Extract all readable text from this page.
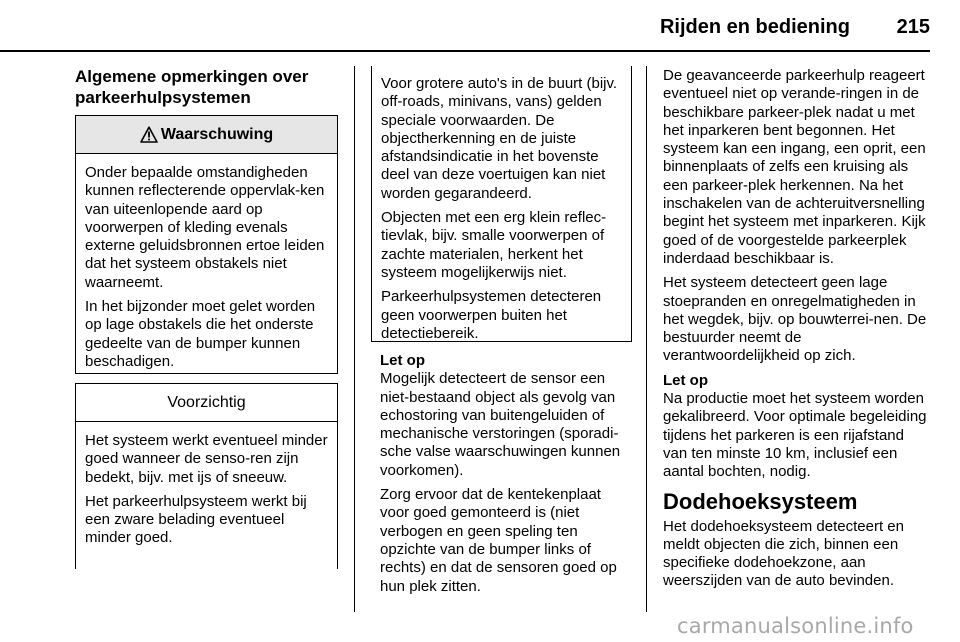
Rijden en bediening	215
Algemene opmerkingen over parkeerhulpsystemen
Waarschuwing

Onder bepaalde omstandigheden kunnen reflecterende oppervlak-ken van uiteenlopende aard op voorwerpen of kleding evenals externe geluidsbronnen ertoe leiden dat het systeem obstakels niet waarneemt.

In het bijzonder moet gelet worden op lage obstakels die het onderste gedeelte van de bumper kunnen beschadigen.

Voorzichtig

Het systeem werkt eventueel minder goed wanneer de senso-ren zijn bedekt, bijv. met ijs of sneeuw.

Het parkeerhulpsysteem werkt bij een zware belading eventueel minder goed.

Voor grotere auto's in de buurt (bijv. off-roads, minivans, vans) gelden speciale voorwaarden. De objectherkenning en de juiste afstandsindicatie in het bovenste deel van deze voertuigen kan niet worden gegarandeerd.

Objecten met een erg klein reflec-tievlak, bijv. smalle voorwerpen of zachte materialen, herkent het systeem mogelijkerwijs niet.

Parkeerhulpsystemen detecteren geen voorwerpen buiten het detectiebereik.

Let op

Mogelijk detecteert de sensor een niet-bestaand object als gevolg van echostoring van buitengeluiden of mechanische verstoringen (sporadi-sche valse waarschuwingen kunnen voorkomen).

Zorg ervoor dat de kentekenplaat voor goed gemonteerd is (niet verbogen en geen speling ten opzichte van de bumper links of rechts) en dat de sensoren goed op hun plek zitten.

De geavanceerde parkeerhulp reageert eventueel niet op verande-ringen in de beschikbare parkeer-plek nadat u met het inparkeren bent begonnen. Het systeem kan een ingang, een oprit, een binnenplaats of zelfs een kruising als een parkeer-plek herkennen. Na het inschakelen van de achteruitversnelling begint het systeem met inparkeren. Kijk goed of de voorgestelde parkeerplek inderdaad beschikbaar is.

Het systeem detecteert geen lage stoepranden en onregelmatigheden in het wegdek, bijv. op bouwterrei-nen. De bestuurder neemt de verantwoordelijkheid op zich.

Let op

Na productie moet het systeem worden gekalibreerd. Voor optimale begeleiding tijdens het parkeren is een rijafstand van ten minste 10 km, inclusief een aantal bochten, nodig.

Dodehoeksysteem

Het dodehoeksysteem detecteert en meldt objecten die zich, binnen een specifieke dodehoekzone, aan weerszijden van de auto bevinden.

carmanualsonline.info
